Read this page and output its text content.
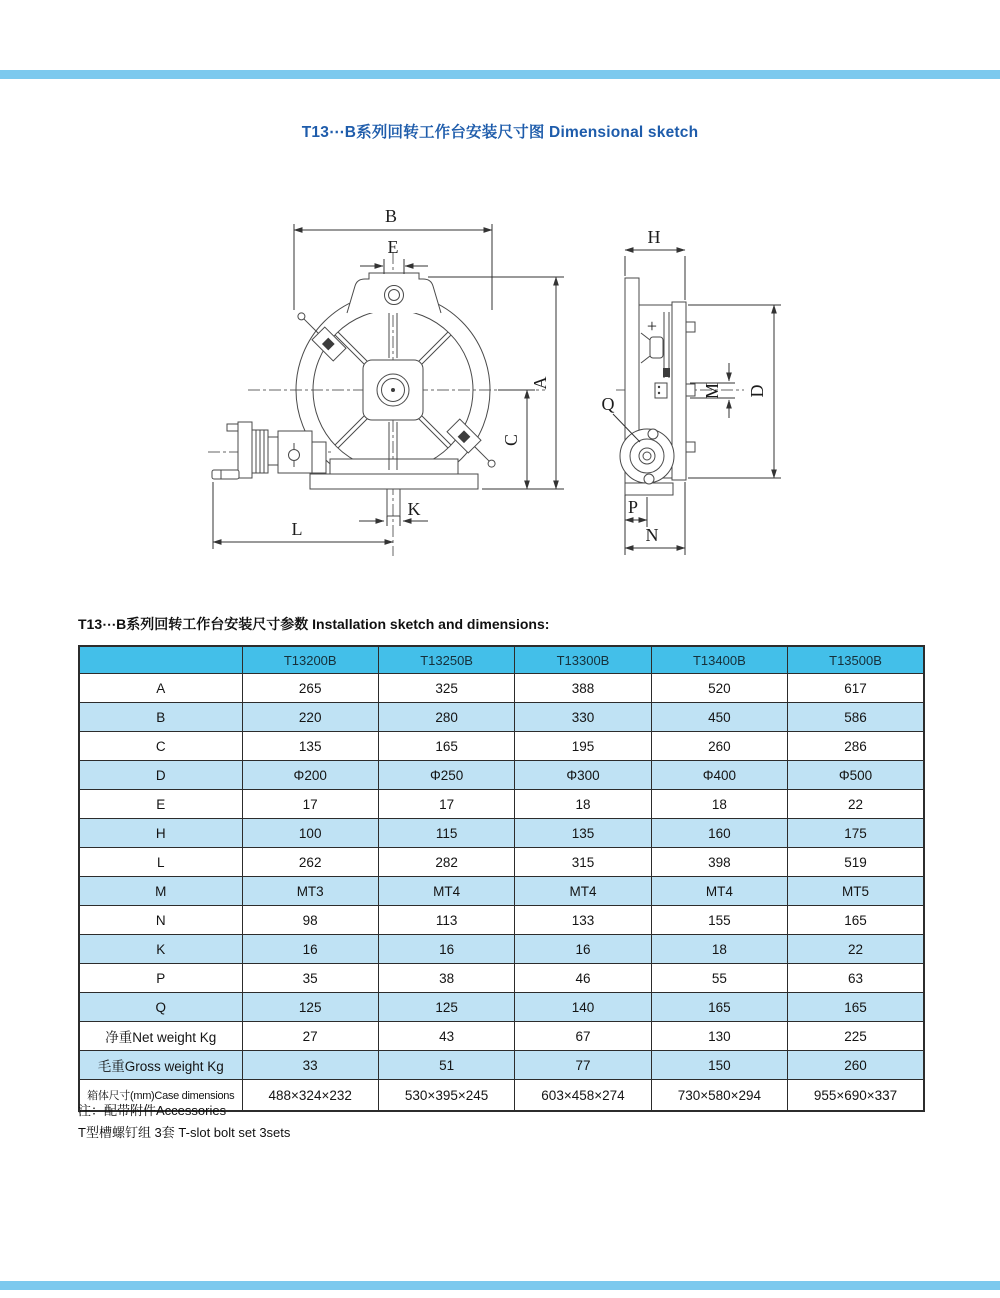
T13⋯B系列回转工作台安装尺寸图 Dimensional sketch
B
E
A
C
K
L
+
H
D
M
Q
P
N
T13⋯B系列回转工作台安装尺寸参数 Installation sketch and dimensions:
	T13200B	T13250B	T13300B	T13400B	T13500B
A	265	325	388	520	617
B	220	280	330	450	586
C	135	165	195	260	286
D	Φ200	Φ250	Φ300	Φ400	Φ500
E	17	17	18	18	22
H	100	115	135	160	175
L	262	282	315	398	519
M	MT3	MT4	MT4	MT4	MT5
N	98	113	133	155	165
K	16	16	16	18	22
P	35	38	46	55	63
Q	125	125	140	165	165
净重Net weight Kg	27	43	67	130	225
毛重Gross weight Kg	33	51	77	150	260
箱体尺寸(mm)Case dimensions	488×324×232	530×395×245	603×458×274	730×580×294	955×690×337
注：配带附件Accessories
T型槽螺钉组 3套 T-slot bolt set 3sets
